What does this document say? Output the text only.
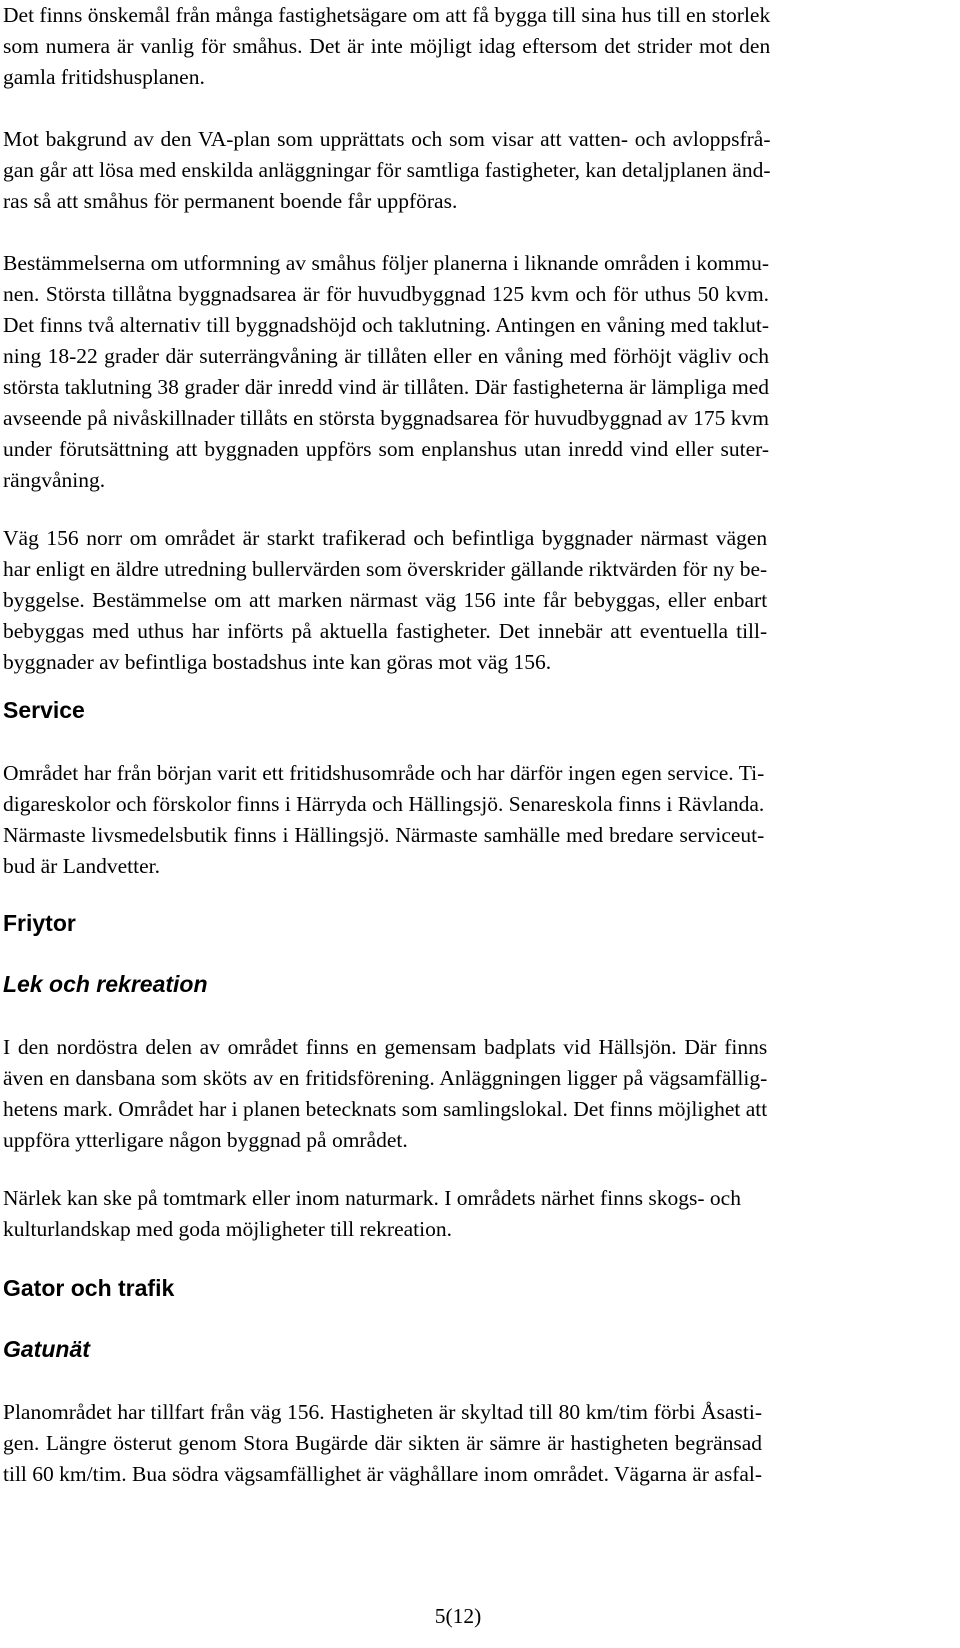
Det finns önskemål från många fastighetsägare om att få bygga till sina hus till en storlek
som numera är vanlig för småhus. Det är inte möjligt idag eftersom det strider mot den
gamla fritidshusplanen.

Mot bakgrund av den VA-plan som upprättats och som visar att vatten- och avloppsfrå-
gan går att lösa med enskilda anläggningar för samtliga fastigheter, kan detaljplanen änd-
ras så att småhus för permanent boende får uppföras.

Bestämmelserna om utformning av småhus följer planerna i liknande områden i kommu-
nen. Största tillåtna byggnadsarea är för huvudbyggnad 125 kvm och för uthus 50 kvm.
Det finns två alternativ till byggnadshöjd och taklutning. Antingen en våning med taklut-
ning 18-22 grader där suterrängvåning är tillåten eller en våning med förhöjt vägliv och
största taklutning 38 grader där inredd vind är tillåten. Där fastigheterna är lämpliga med
avseende på nivåskillnader tillåts en största byggnadsarea för huvudbyggnad av 175 kvm
under förutsättning att byggnaden uppförs som enplanshus utan inredd vind eller suter-
rängvåning.

Väg 156 norr om området är starkt trafikerad och befintliga byggnader närmast vägen
har enligt en äldre utredning bullervärden som överskrider gällande riktvärden för ny be-
byggelse. Bestämmelse om att marken närmast väg 156 inte får bebyggas, eller enbart
bebyggas med uthus har införts på aktuella fastigheter. Det innebär att eventuella till-
byggnader av befintliga bostadshus inte kan göras mot väg 156.

Service

Området har från början varit ett fritidshusområde och har därför ingen egen service. Ti-
digareskolor och förskolor finns i Härryda och Hällingsjö. Senareskola finns i Rävlanda.
Närmaste livsmedelsbutik finns i Hällingsjö. Närmaste samhälle med bredare serviceut-
bud är Landvetter.

Friytor
Lek och rekreation

I den nordöstra delen av området finns en gemensam badplats vid Hällsjön. Där finns
även en dansbana som sköts av en fritidsförening. Anläggningen ligger på vägsamfällig-
hetens mark. Området har i planen betecknats som samlingslokal. Det finns möjlighet att
uppföra ytterligare någon byggnad på området.

Närlek kan ske på tomtmark eller inom naturmark. I områdets närhet finns skogs- och
kulturlandskap med goda möjligheter till rekreation.

Gator och trafik
Gatunät

Planområdet har tillfart från väg 156. Hastigheten är skyltad till 80 km/tim förbi Åsasti-
gen. Längre österut genom Stora Bugärde där sikten är sämre är hastigheten begränsad
till 60 km/tim. Bua södra vägsamfällighet är väghållare inom området. Vägarna är asfal-

5(12)
